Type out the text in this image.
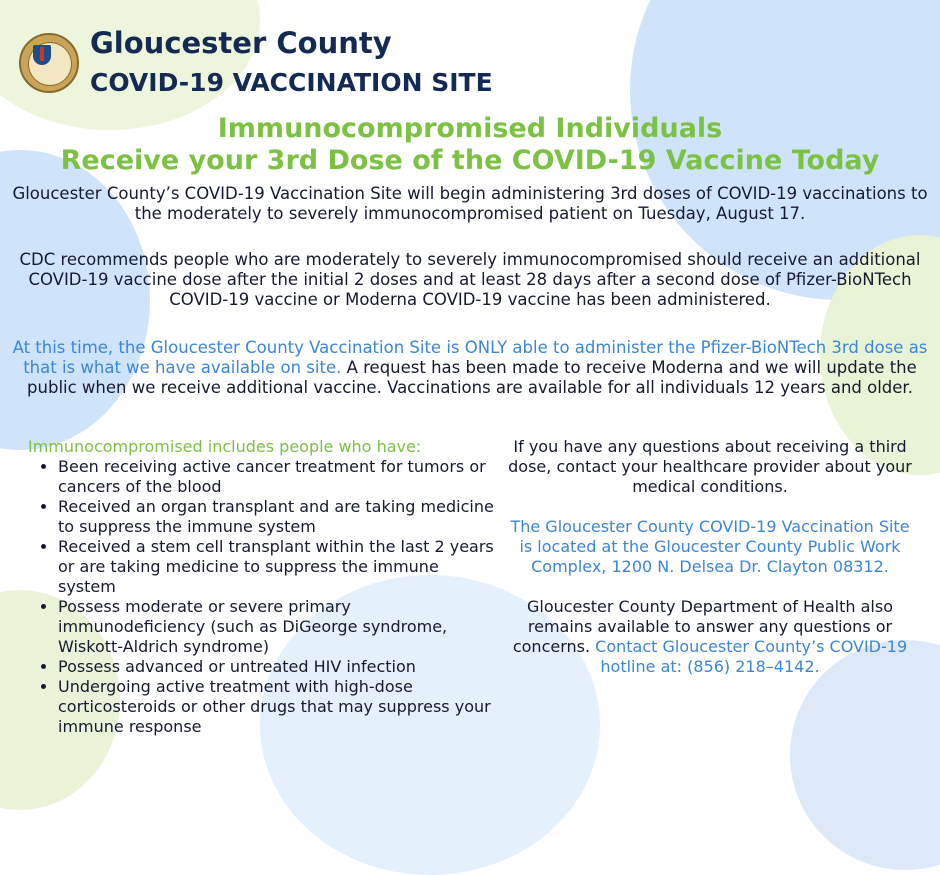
Gloucester County
COVID-19 VACCINATION SITE

Immunocompromised Individuals

Receive your 3rd Dose of the COVID-19 Vaccine Today

Gloucester County’s COVID-19 Vaccination Site will begin administering 3rd doses of COVID-19 vaccinations to the moderately to severely immunocompromised patient on Tuesday, August 17.

CDC recommends people who are moderately to severely immunocompromised should receive an additional COVID-19 vaccine dose after the initial 2 doses and at least 28 days after a second dose of Pfizer-BioNTech COVID-19 vaccine or Moderna COVID-19 vaccine has been administered.

At this time, the Gloucester County Vaccination Site is ONLY able to administer the Pfizer-BioNTech 3rd dose as that is what we have available on site. A request has been made to receive Moderna and we will update the public when we receive additional vaccine. Vaccinations are available for all individuals 12 years and older.

Immunocompromised includes people who have:

• Been receiving active cancer treatment for tumors or cancers of the blood
• Received an organ transplant and are taking medicine to suppress the immune system
• Received a stem cell transplant within the last 2 years or are taking medicine to suppress the immune system
• Possess moderate or severe primary immunodeficiency (such as DiGeorge syndrome, Wiskott-Aldrich syndrome)
• Possess advanced or untreated HIV infection
• Undergoing active treatment with high-dose corticosteroids or other drugs that may suppress your immune response

If you have any questions about receiving a third dose, contact your healthcare provider about your medical conditions.

The Gloucester County COVID-19 Vaccination Site is located at the Gloucester County Public Work Complex, 1200 N. Delsea Dr. Clayton 08312.

Gloucester County Department of Health also remains available to answer any questions or concerns. Contact Gloucester County’s COVID-19 hotline at: (856) 218–4142.
